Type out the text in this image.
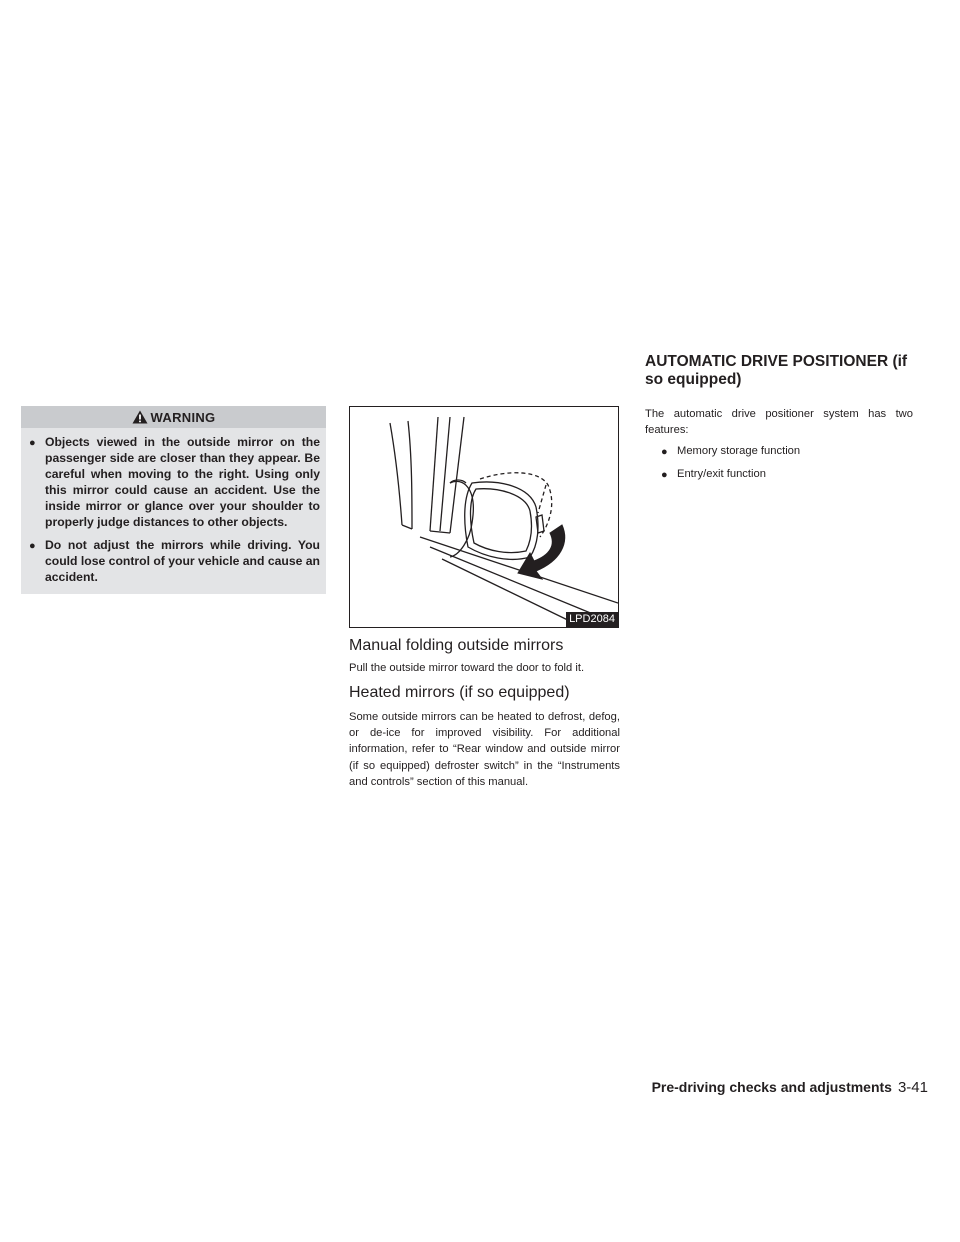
WARNING
● Objects viewed in the outside mirror on the passenger side are closer than they appear. Be careful when moving to the right. Using only this mirror could cause an accident. Use the inside mirror or glance over your shoulder to properly judge distances to other objects.
● Do not adjust the mirrors while driving. You could lose control of your vehicle and cause an accident.
LPD2084
Manual folding outside mirrors

Pull the outside mirror toward the door to fold it.

Heated mirrors (if so equipped)

Some outside mirrors can be heated to defrost, defog, or de-ice for improved visibility. For additional information, refer to “Rear window and outside mirror (if so equipped) defroster switch” in the “Instruments and controls” section of this manual.

AUTOMATIC DRIVE POSITIONER (if so equipped)

The automatic drive positioner system has two features:

● Memory storage function
● Entry/exit function
Pre-driving checks and adjustments 3-41
